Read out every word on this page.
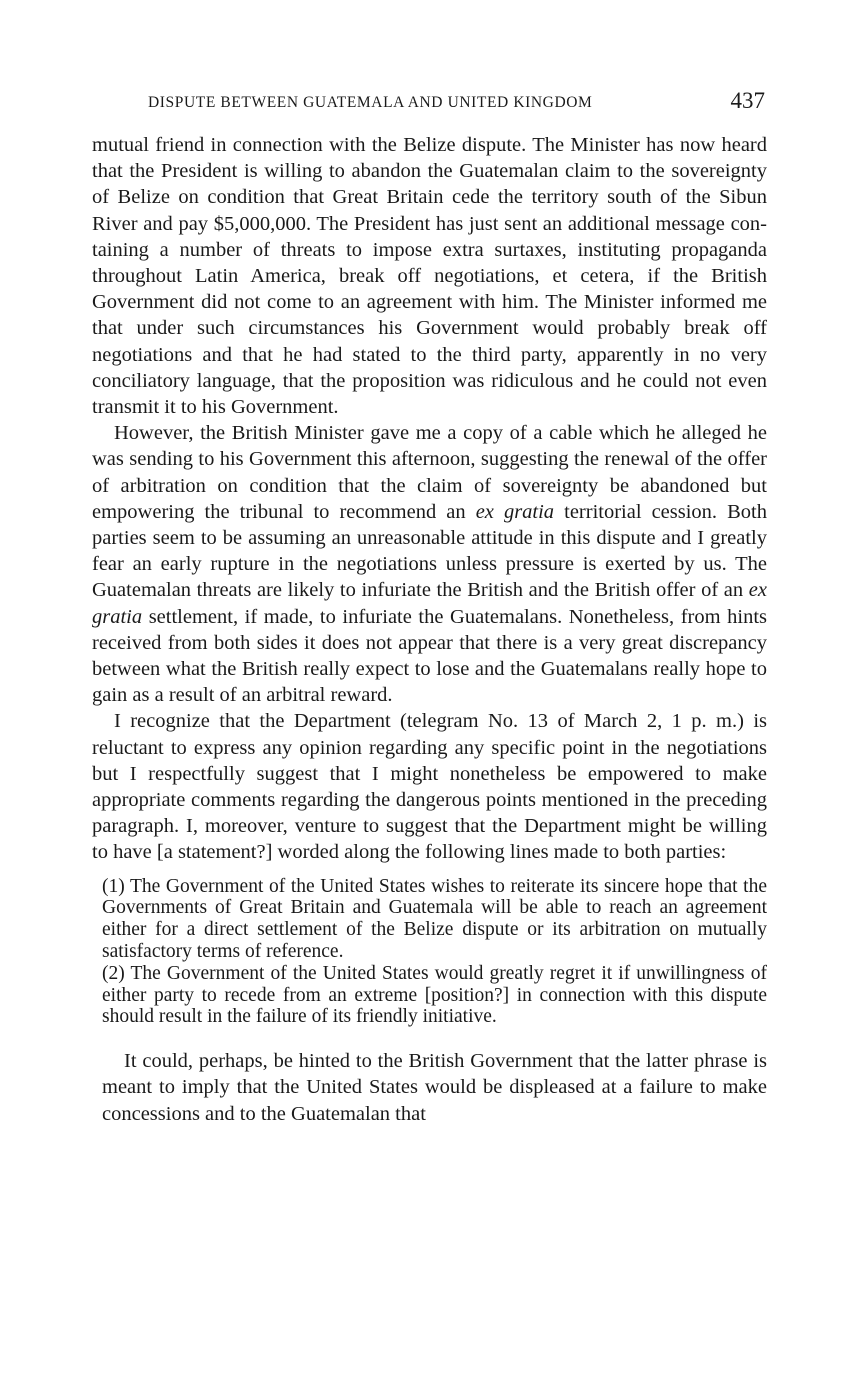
DISPUTE BETWEEN GUATEMALA AND UNITED KINGDOM	437

mutual friend in connection with the Belize dispute. The Minister has now heard that the President is willing to abandon the Guatemalan claim to the sovereignty of Belize on condition that Great Britain cede the territory south of the Sibun River and pay $5,000,000. The President has just sent an additional message containing a number of threats to impose extra surtaxes, instituting propaganda throughout Latin America, break off negotiations, et cetera, if the British Government did not come to an agreement with him. The Minister informed me that under such circumstances his Government would probably break off negotiations and that he had stated to the third party, apparently in no very conciliatory language, that the proposition was ridiculous and he could not even transmit it to his Government.

However, the British Minister gave me a copy of a cable which he alleged he was sending to his Government this afternoon, suggesting the renewal of the offer of arbitration on condition that the claim of sovereignty be abandoned but empowering the tribunal to recommend an ex gratia territorial cession. Both parties seem to be assuming an unreasonable attitude in this dispute and I greatly fear an early rupture in the negotiations unless pressure is exerted by us. The Guatemalan threats are likely to infuriate the British and the British offer of an ex gratia settlement, if made, to infuriate the Guatemalans. Nonetheless, from hints received from both sides it does not appear that there is a very great discrepancy between what the British really expect to lose and the Guatemalans really hope to gain as a result of an arbitral reward.

I recognize that the Department (telegram No. 13 of March 2, 1 p. m.) is reluctant to express any opinion regarding any specific point in the negotiations but I respectfully suggest that I might nonetheless be empowered to make appropriate comments regarding the dangerous points mentioned in the preceding paragraph. I, moreover, venture to suggest that the Department might be willing to have [a statement?] worded along the following lines made to both parties:

(1) The Government of the United States wishes to reiterate its sincere hope that the Governments of Great Britain and Guatemala will be able to reach an agreement either for a direct settlement of the Belize dispute or its arbitration on mutually satisfactory terms of reference.

(2) The Government of the United States would greatly regret it if unwillingness of either party to recede from an extreme [position?] in connection with this dispute should result in the failure of its friendly initiative.

It could, perhaps, be hinted to the British Government that the latter phrase is meant to imply that the United States would be displeased at a failure to make concessions and to the Guatemalan that
